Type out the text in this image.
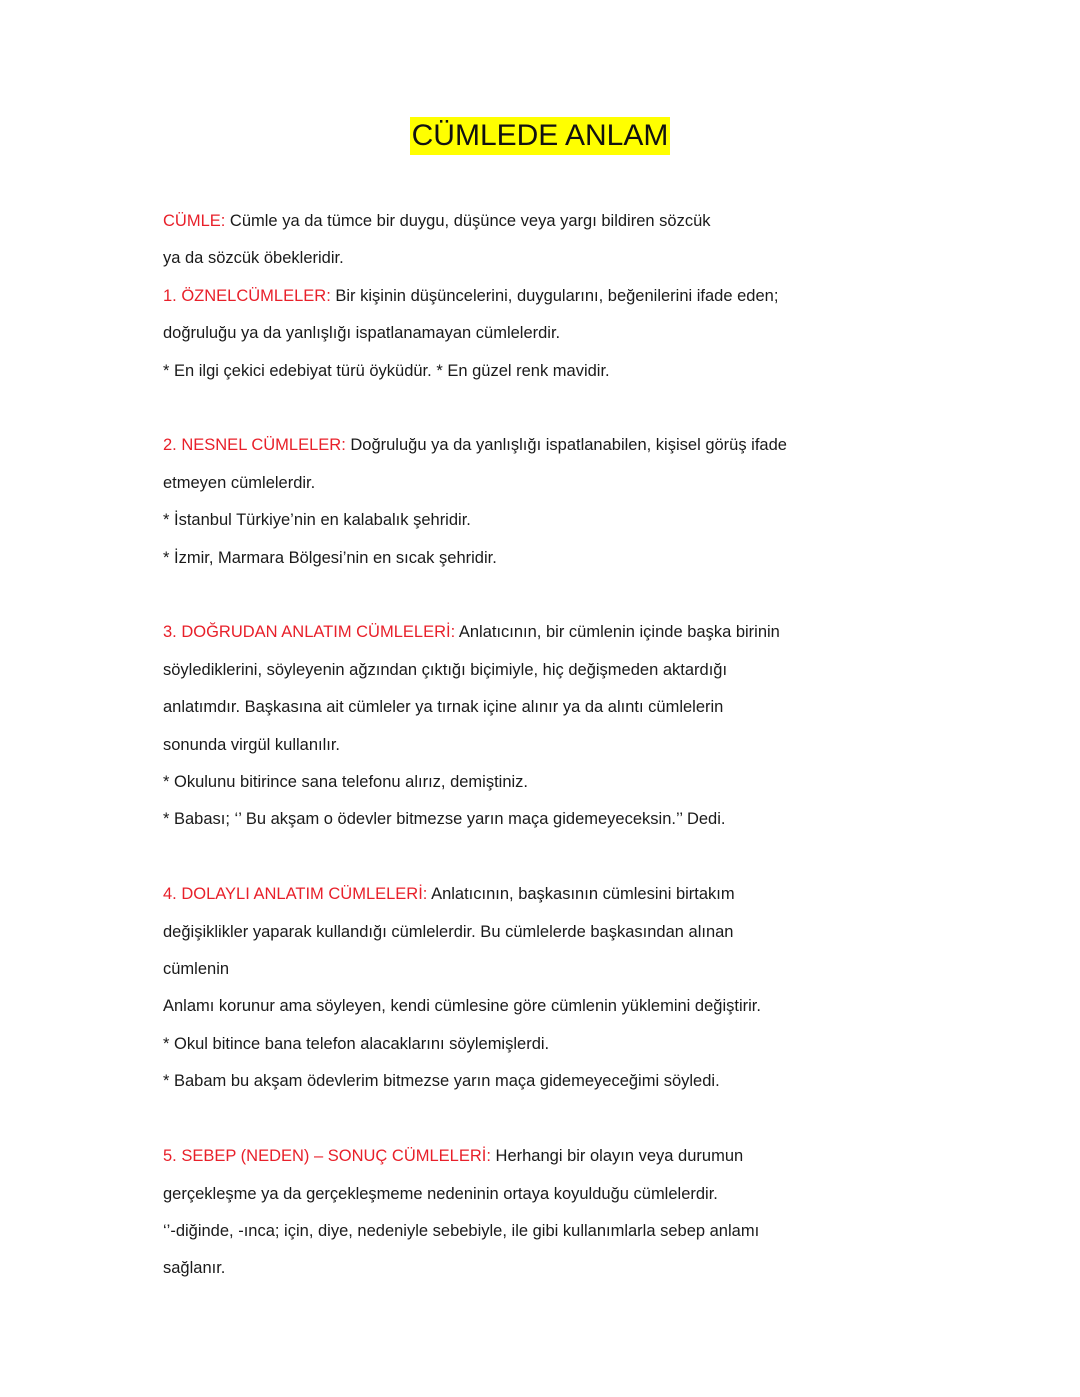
CÜMLEDE ANLAM
CÜMLE: Cümle ya da tümce bir duygu, düşünce veya yargı bildiren sözcük
ya da sözcük öbekleridir.
1. ÖZNELCÜMLELER: Bir kişinin düşüncelerini, duygularını, beğenilerini ifade eden;
doğruluğu ya da yanlışlığı ispatlanamayan cümlelerdir.
* En ilgi çekici edebiyat türü öyküdür. * En güzel renk mavidir.
2. NESNEL CÜMLELER: Doğruluğu ya da yanlışlığı ispatlanabilen, kişisel görüş ifade
etmeyen cümlelerdir.
* İstanbul Türkiye’nin en kalabalık şehridir.
* İzmir, Marmara Bölgesi’nin en sıcak şehridir.
3. DOĞRUDAN ANLATIM CÜMLELERİ: Anlatıcının, bir cümlenin içinde başka birinin
söylediklerini, söyleyenin ağzından çıktığı biçimiyle, hiç değişmeden aktardığı
anlatımdır. Başkasına ait cümleler ya tırnak içine alınır ya da alıntı cümlelerin
sonunda virgül kullanılır.
* Okulunu bitirince sana telefonu alırız, demiştiniz.
* Babası; ‘’ Bu akşam o ödevler bitmezse yarın maça gidemeyeceksin.’’ Dedi.
4. DOLAYLI ANLATIM CÜMLELERİ: Anlatıcının, başkasının cümlesini birtakım
değişiklikler yaparak kullandığı cümlelerdir. Bu cümlelerde başkasından alınan
cümlenin
Anlamı korunur ama söyleyen, kendi cümlesine göre cümlenin yüklemini değiştirir.
* Okul bitince bana telefon alacaklarını söylemişlerdi.
* Babam bu akşam ödevlerim bitmezse yarın maça gidemeyeceğimi söyledi.
5. SEBEP (NEDEN) – SONUÇ CÜMLELERİ: Herhangi bir olayın veya durumun
gerçekleşme ya da gerçekleşmeme nedeninin ortaya koyulduğu cümlelerdir.
‘’-diğinde, -ınca; için, diye, nedeniyle sebebiyle, ile gibi kullanımlarla sebep anlamı
sağlanır.
